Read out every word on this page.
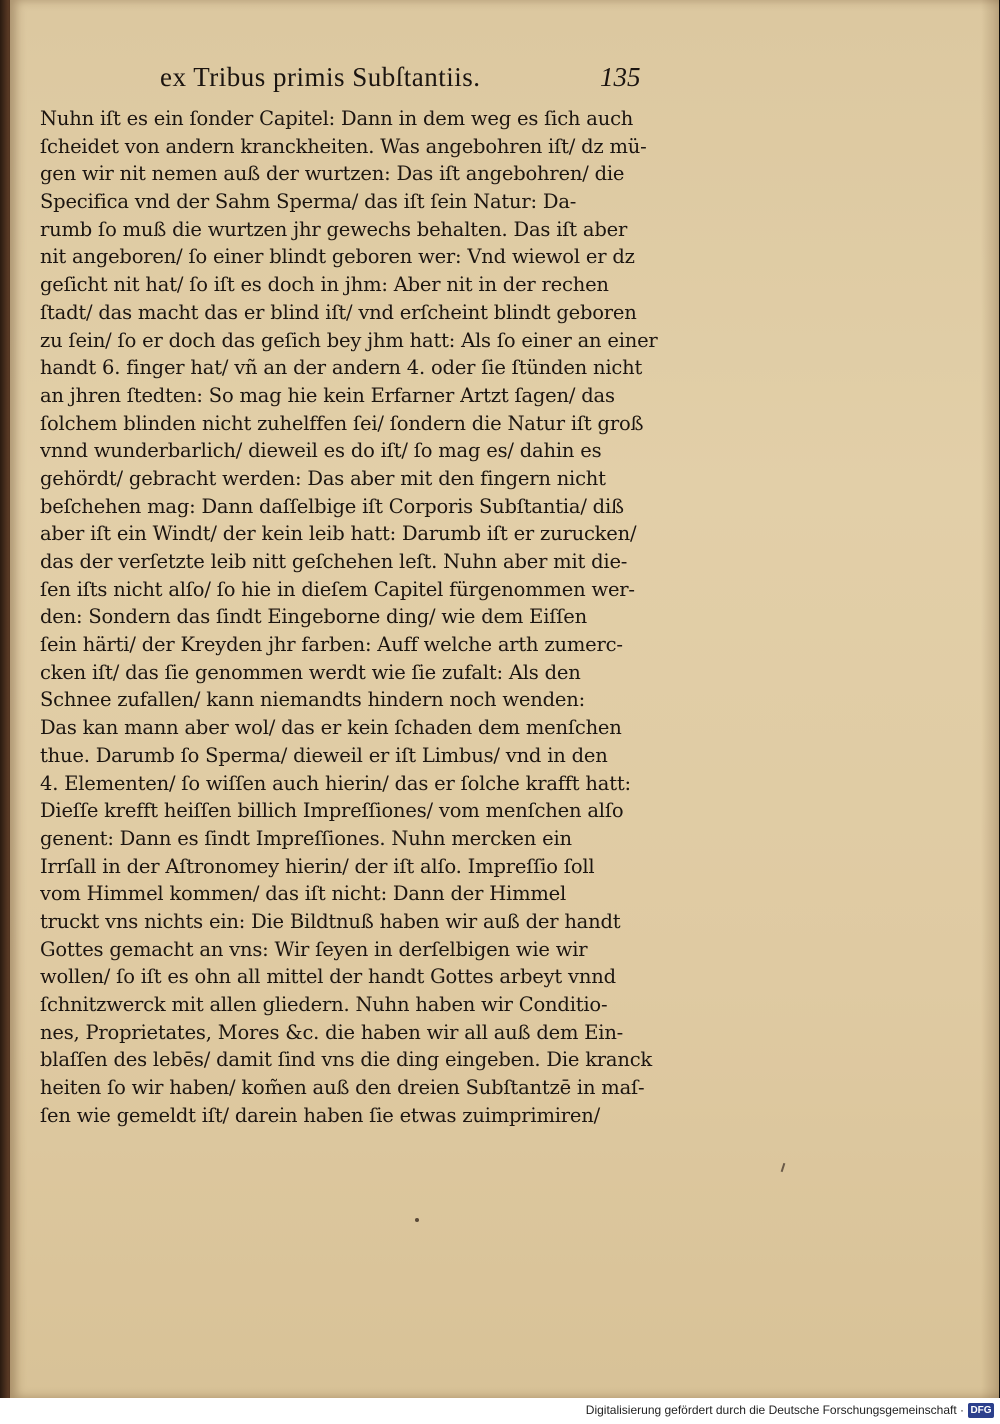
ex Tribus primis Subſtantiis.	135
Nuhn iſt es ein ſonder Capitel: Dann in dem weg es ſich auch
ſcheidet von andern kranckheiten. Was angebohren iſt/ dz mü-
gen wir nit nemen auß der wurtzen: Das iſt angebohren/ die
Specifica vnd der Sahm Sperma/ das iſt ſein Natur: Da-
rumb ſo muß die wurtzen jhr gewechs behalten. Das iſt aber
nit angeboren/ ſo einer blindt geboren wer: Vnd wiewol er dz
geſicht nit hat/ ſo iſt es doch in jhm: Aber nit in der rechen
ſtadt/ das macht das er blind iſt/ vnd erſcheint blindt geboren
zu ſein/ ſo er doch das geſich bey jhm hatt: Als ſo einer an einer
handt 6. finger hat/ vñ an der andern 4. oder ſie ſtünden nicht
an jhren ſtedten: So mag hie kein Erfarner Artzt ſagen/ das
ſolchem blinden nicht zuhelffen ſei/ ſondern die Natur iſt groß
vnnd wunderbarlich/ dieweil es do iſt/ ſo mag es/ dahin es
gehördt/ gebracht werden: Das aber mit den fingern nicht
beſchehen mag: Dann daſſelbige iſt Corporis Subſtantia/ diß
aber iſt ein Windt/ der kein leib hatt: Darumb iſt er zurucken/
das der verſetzte leib nitt geſchehen leſt. Nuhn aber mit die-
ſen iſts nicht alſo/ ſo hie in dieſem Capitel fürgenommen wer-
den: Sondern das ſindt Eingeborne ding/ wie dem Eiſſen
ſein härti/ der Kreyden jhr farben: Auff welche arth zumerc-
cken iſt/ das ſie genommen werdt wie ſie zufalt: Als den
Schnee zufallen/ kann niemandts hindern noch wenden:
Das kan mann aber wol/ das er kein ſchaden dem menſchen
thue. Darumb ſo Sperma/ dieweil er iſt Limbus/ vnd in den
4. Elementen/ ſo wiſſen auch hierin/ das er ſolche krafft hatt:
Dieſſe krefft heiſſen billich Impreſſiones/ vom menſchen alſo
genent: Dann es ſindt Impreſſiones. Nuhn mercken ein
Irrſall in der Aſtronomey hierin/ der iſt alſo. Impreſſio ſoll
vom Himmel kommen/ das iſt nicht: Dann der Himmel
truckt vns nichts ein: Die Bildtnuß haben wir auß der handt
Gottes gemacht an vns: Wir ſeyen in derſelbigen wie wir
wollen/ ſo iſt es ohn all mittel der handt Gottes arbeyt vnnd
ſchnitzwerck mit allen gliedern. Nuhn haben wir Conditio-
nes, Proprietates, Mores &c. die haben wir all auß dem Ein-
blaſſen des lebēs/ damit ſind vns die ding eingeben. Die kranck
heiten ſo wir haben/ kom̃en auß den dreien Subſtantzē in maſ-
ſen wie gemeldt iſt/ darein haben ſie etwas zuimprimiren/
Digitalisierung gefördert durch die Deutsche Forschungsgemeinschaft · DFG
